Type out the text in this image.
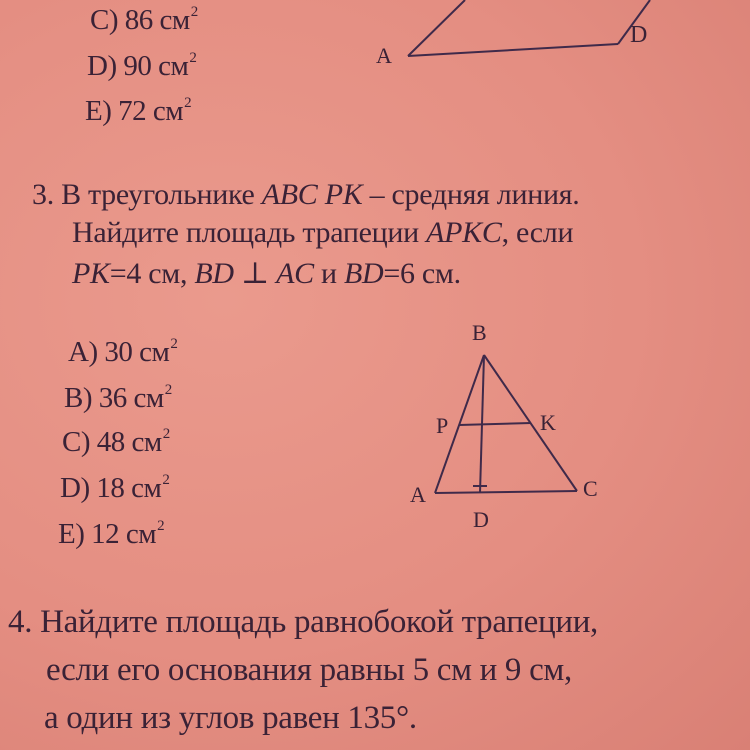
C) 86 $см^2$
D) 90 $см^2$
E) 72 $см^2$
A
D
3. В треугольнике ABC PK – средняя линия.
Найдите площадь трапеции APKC, если
PK=4 см, BD ⊥ AC и BD=6 см.
A) 30 $см^2$
B) 36 $см^2$
C) 48 $см^2$
D) 18 $см^2$
E) 12 $см^2$
B
P	K
A	C
D
4. Найдите площадь равнобокой трапеции,
если его основания равны 5 см и 9 см,
а один из углов равен 135°.
